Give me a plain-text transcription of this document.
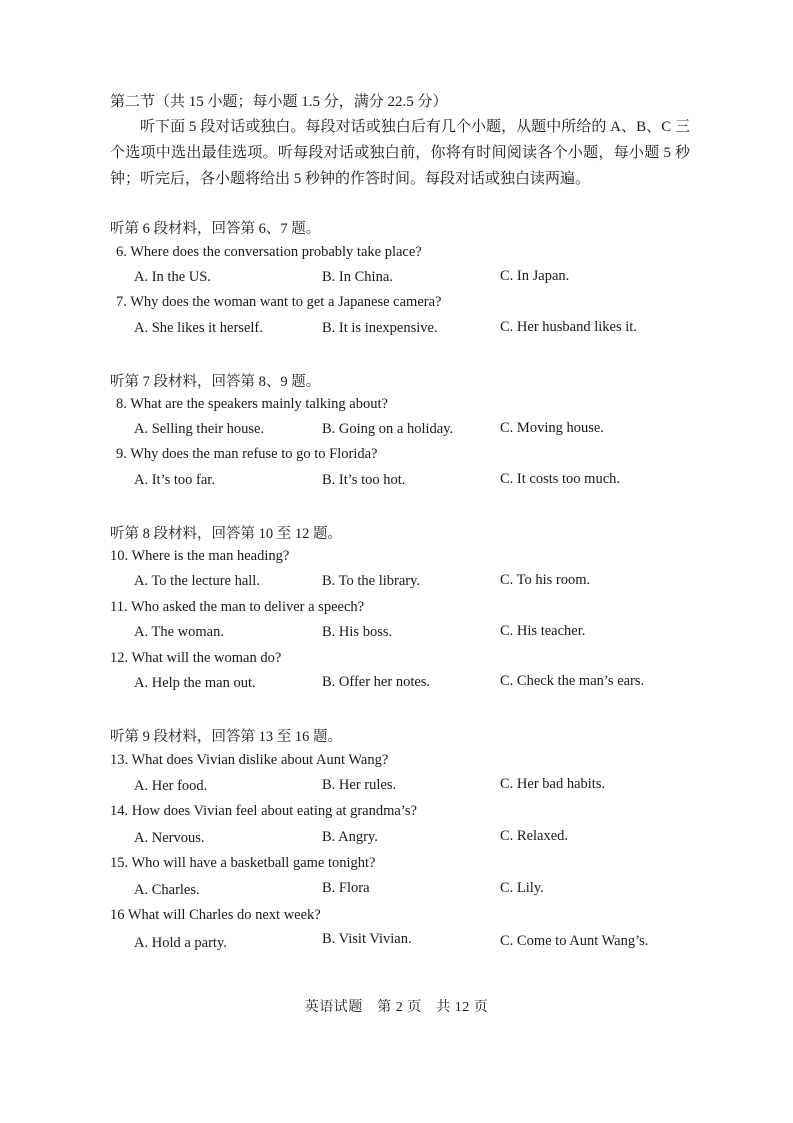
第二节（共 15 小题；每小题 1.5 分，满分 22.5 分）
听下面 5 段对话或独白。每段对话或独白后有几个小题，从题中所给的 A、B、C 三个选项中选出最佳选项。听每段对话或独白前，你将有时间阅读各个小题，每小题 5 秒钟；听完后，各小题将给出 5 秒钟的作答时间。每段对话或独白读两遍。
听第 6 段材料，回答第 6、7 题。
6. Where does the conversation probably take place?
A. In the US.	B. In China.	C. In Japan.
7. Why does the woman want to get a Japanese camera?
A. She likes it herself.	B. It is inexpensive.	C. Her husband likes it.
听第 7 段材料，回答第 8、9 题。
8. What are the speakers mainly talking about?
A. Selling their house.	B. Going on a holiday.	C. Moving house.
9. Why does the man refuse to go to Florida?
A. It’s too far.	B. It’s too hot.	C. It costs too much.
听第 8 段材料，回答第 10 至 12 题。
10. Where is the man heading?
A. To the lecture hall.	B. To the library.	C. To his room.
11. Who asked the man to deliver a speech?
A. The woman.	B. His boss.	C. His teacher.
12. What will the woman do?
A. Help the man out.	B. Offer her notes.	C. Check the man’s ears.
听第 9 段材料，回答第 13 至 16 题。
13. What does Vivian dislike about Aunt Wang?
A. Her food.	B. Her rules.	C. Her bad habits.
14. How does Vivian feel about eating at grandma’s?
A. Nervous.	B. Angry.	C. Relaxed.
15. Who will have a basketball game tonight?
A. Charles.	B. Flora	C. Lily.
16 What will Charles do next week?
A. Hold a party.	B. Visit Vivian.	C. Come to Aunt Wang’s.
英语试题　第 2 页　共 12 页
